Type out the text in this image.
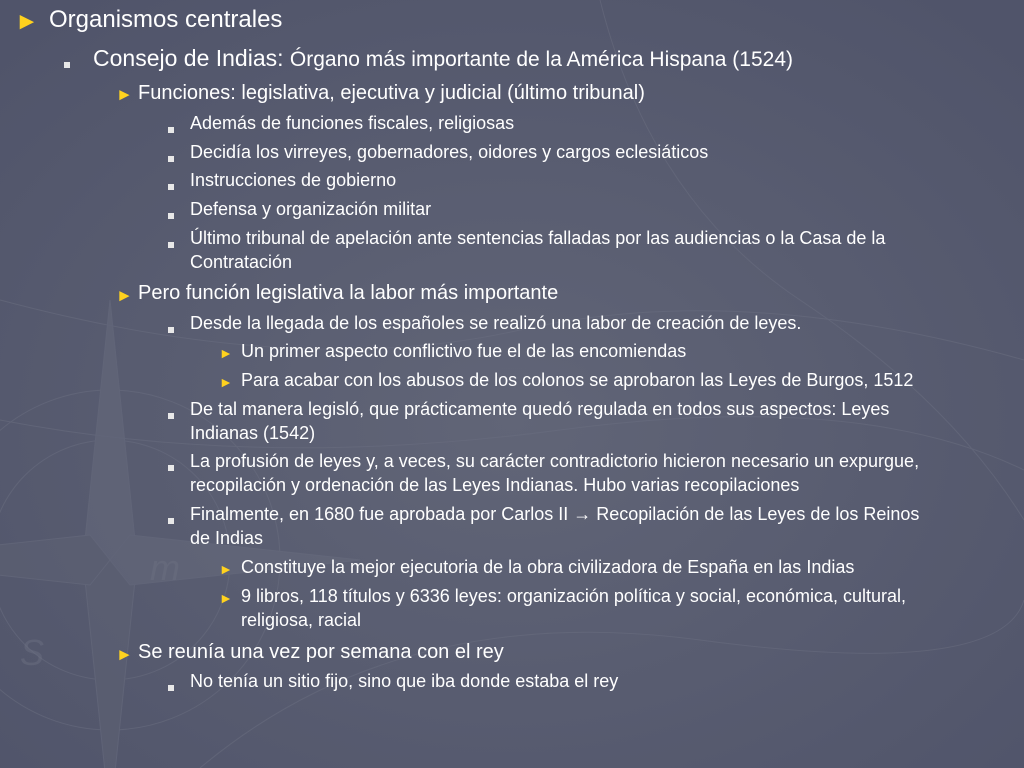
S
m
► Organismos centrales
Consejo de Indias: Órgano más importante de la América Hispana (1524)
► Funciones: legislativa, ejecutiva y judicial (último tribunal)
Además de funciones fiscales, religiosas
Decidía los virreyes, gobernadores, oidores y cargos eclesiáticos
Instrucciones de gobierno
Defensa y organización militar
Último tribunal de apelación ante sentencias falladas por las audiencias o la Casa de la
Contratación
► Pero función legislativa la labor más importante
Desde la llegada de los españoles se realizó una labor de creación de leyes.
► Un primer aspecto conflictivo fue el de las encomiendas
► Para acabar con los abusos de los colonos se aprobaron las Leyes de Burgos, 1512
De tal manera legisló, que prácticamente quedó regulada en todos sus aspectos: Leyes
Indianas (1542)
La profusión de leyes y, a veces, su carácter contradictorio hicieron necesario un expurgue,
recopilación y ordenación de las Leyes Indianas. Hubo varias recopilaciones
Finalmente, en 1680 fue aprobada por Carlos II → Recopilación de las Leyes de los Reinos
de Indias
► Constituye la mejor ejecutoria de la obra civilizadora de España en las Indias
► 9 libros, 118 títulos y 6336 leyes: organización política y social, económica, cultural,
religiosa, racial
► Se reunía una vez por semana con el rey
No tenía un sitio fijo, sino que iba donde estaba el rey
